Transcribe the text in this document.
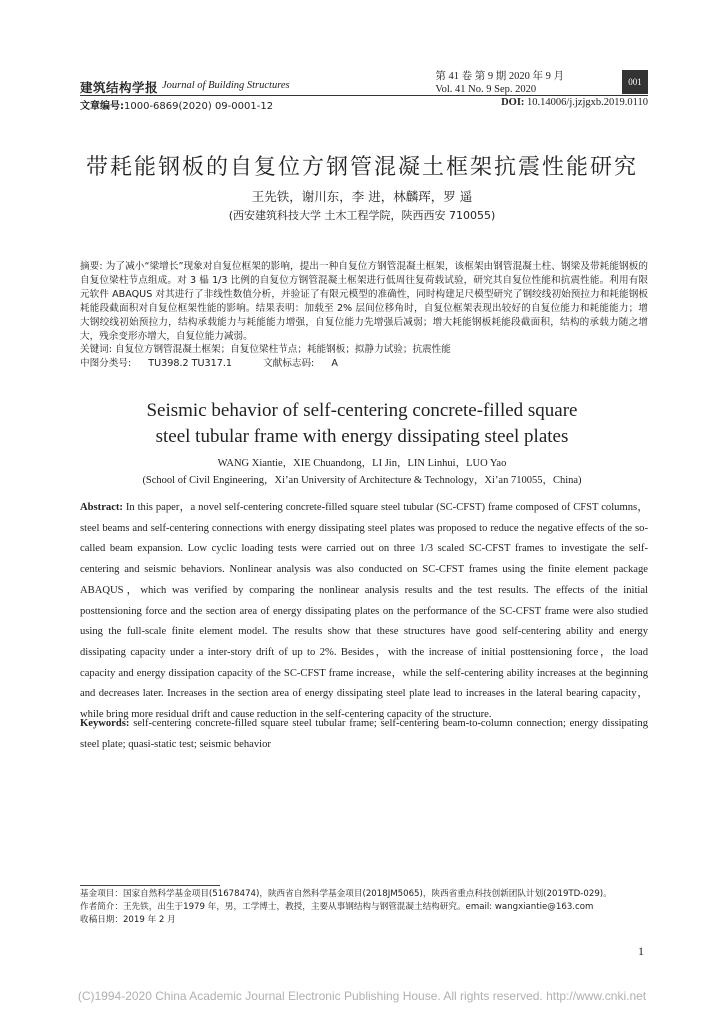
建筑结构学报 Journal of Building Structures
第 41 卷 第 9 期 2020 年 9 月
Vol. 41 No. 9 Sep. 2020
001
文章编号:1000-6869(2020) 09-0001-12	DOI: 10.14006/j.jzjgxb.2019.0110
带耗能钢板的自复位方钢管混凝土框架抗震性能研究
王先铁，谢川东，李 进，林麟珲，罗 遥
(西安建筑科技大学 土木工程学院，陕西西安 710055)
摘要: 为了减小“梁增长”现象对自复位框架的影响，提出一种自复位方钢管混凝土框架，该框架由钢管混凝土柱、钢梁及带耗能钢板的自复位梁柱节点组成。对 3 榀 1/3 比例的自复位方钢管混凝土框架进行低周往复荷载试验，研究其自复位性能和抗震性能。利用有限元软件 ABAQUS 对其进行了非线性数值分析，并验证了有限元模型的准确性，同时构建足尺模型研究了钢绞线初始预拉力和耗能钢板耗能段截面积对自复位框架性能的影响。结果表明：加载至 2% 层间位移角时，自复位框架表现出较好的自复位能力和耗能能力；增大钢绞线初始预拉力，结构承载能力与耗能能力增强，自复位能力先增强后减弱；增大耗能钢板耗能段截面积，结构的承载力随之增大，残余变形亦增大，自复位能力减弱。
关键词: 自复位方钢管混凝土框架；自复位梁柱节点；耗能钢板；拟静力试验；抗震性能
中图分类号: TU398.2 TU317.1	文献标志码: A
Seismic behavior of self-centering concrete-filled square
steel tubular frame with energy dissipating steel plates
WANG Xiantie，XIE Chuandong，LI Jin，LIN Linhui，LUO Yao
(School of Civil Engineering，Xi’an University of Architecture & Technology，Xi’an 710055，China)
Abstract: In this paper，a novel self-centering concrete-filled square steel tubular (SC-CFST) frame composed of CFST columns，steel beams and self-centering connections with energy dissipating steel plates was proposed to reduce the negative effects of the so-called beam expansion. Low cyclic loading tests were carried out on three 1/3 scaled SC-CFST frames to investigate the self-centering and seismic behaviors. Nonlinear analysis was also conducted on SC-CFST frames using the finite element package ABAQUS，which was verified by comparing the nonlinear analysis results and the test results. The effects of the initial posttensioning force and the section area of energy dissipating plates on the performance of the SC-CFST frame were also studied using the full-scale finite element model. The results show that these structures have good self-centering ability and energy dissipating capacity under a inter-story drift of up to 2%. Besides，with the increase of initial posttensioning force，the load capacity and energy dissipation capacity of the SC-CFST frame increase，while the self-centering ability increases at the beginning and decreases later. Increases in the section area of energy dissipating steel plate lead to increases in the lateral bearing capacity，while bring more residual drift and cause reduction in the self-centering capacity of the structure.
Keywords: self-centering concrete-filled square steel tubular frame; self-centering beam-to-column connection; energy dissipating steel plate; quasi-static test; seismic behavior
基金项目：国家自然科学基金项目(51678474)，陕西省自然科学基金项目(2018JM5065)，陕西省重点科技创新团队计划(2019TD-029)。
作者简介：王先铁，出生于1979 年，男，工学博士，教授，主要从事钢结构与钢管混凝土结构研究。email: wangxiantie@163.com
收稿日期：2019 年 2 月
1
(C)1994-2020 China Academic Journal Electronic Publishing House. All rights reserved. http://www.cnki.net
